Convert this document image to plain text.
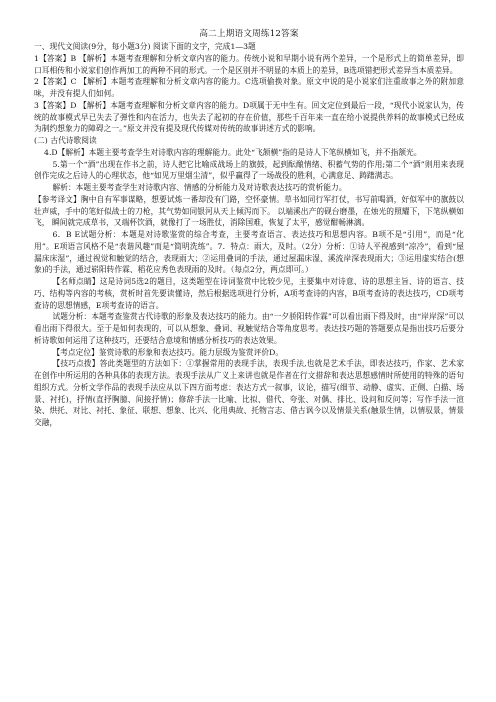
高二上期语文周练12答案

一、现代文阅读(9分，每小题3分) 阅读下面的文字，完成1—3题

1【答案】B 【解析】本题考查理解和分析文章内容的能力。传统小说和早期小说有两个差异，一个是形式上的简单差异，即口耳相传和小说家们创作两加工的两种不同的形式。一个是区别并不明显的本质上的差异，B选项错把形式差异当本质差异。

2【答案】C 【解析】本题考查理解和分析文章内容的能力。C选项偷换对象。原文中说的是小说家们注重故事之外的附加意味，并没有提人们如何。

3【答案】D 【解析】本题考查理解和分析文章内容的能力。D项属于无中生有。回文定位到最后一段，“现代小说家认为，传统的故事模式早已失去了弹性和内在活力，也失去了起初的存在价值，那些千百年来一直在给小说提供养料的故事模式已经成为制约想象力的障碍之一。”原文并没有提及现代传媒对传统的故事讲述方式的影响。

(二) 古代诗歌阅读

4.D【解析】本题主要考查学生对诗歌内容的理解能力。此处“飞颔横”指的是诗人下笔纵横如飞，并不指颔光。

5.第一个“酒”出现在作书之前，诗人把它比喻成战场上的旗鼓，起到酝酿情绪、积蓄气势的作用;第二个“酒”则用来表现创作完成之后诗人的心理状态，他“如见万里烟尘清”，似乎赢得了一场战役的胜利，心满意足、踌躇满志。

解析：本题主要考查学生对诗歌内容、情感的分析能力及对诗歌表达技巧的赏析能力。

【参考译文】胸中自有军事谋略，想要试炼一番却没有门路，空怀豪情。草书如同行军打仗，书写前喝酒，好似军中的旗鼓以壮声威，手中的笔好似战士的刀枪，其气势如同银河从天上倾泻而下。 以端溪出产的砚台磨墨，在烛光的照耀下，下笔纵横如飞， 瞬间就完成草书，又端杯饮酒，就像打了一场胜仗，消除国难，恢复了太平，感觉酣畅淋漓。

6．B E试题分析：本题是对诗歌鉴赏的综合考查，主要考查语言、表达技巧和思想内容。B项不是“引用”，而是“化用”。E项语言风格不是“表谐风趣”而是“简明洗练”。7．特点：雨大，及时。（2分）分析：①诗人平视感到“凉冷”，看到“屋漏床床湿”，通过视觉和触觉的结合，表现雨大；②运用叠词的手法，通过屋漏床湿、溪流岸深表现雨大；③运用虚实结合(想象)的手法，通过崭阳转作霖、稻花应秀色表现雨的及时。（每点2分，两点即可。）

【名师点睛】这是诗词5选2的题目，这类题型在诗词鉴赏中比较少见，主要集中对诗意、诗的思想主旨、诗的语言、技巧、结构等内容的考核，赏析时首先要读懂诗，然后根据选项进行分析，A项考查诗的内容，B项考查诗的表达技巧，CD项考查诗的思想情感，E项考查诗的语言。

试题分析：本题考查鉴赏古代诗歌的形象及表达技巧的能力。由“一夕骄阳转作霖”可以看出雨下得及时，由“岸岸深”可以看出雨下得很大。至于是如何表现的，可以从想象、叠词、视触觉结合等角度思考。表达技巧题的答题要点是指出技巧后要分析诗歌如何运用了这种技巧，还要结合意境和情感分析技巧的表达效果。

【考点定位】鉴赏诗歌的形象和表达技巧。能力层级为鉴赏评价D。

【技巧点拨】答此类题型的方法如下：①掌握常用的表现手法，表现手法,也就是艺术手法，即表达技巧，作家、艺术家在创作中所运用的各种具体的表现方法。表现手法从广义上来讲也就是作者在行文措辞和表达思想感情时所使用的特殊的语句组织方式。分析文学作品的表现手法应从以下四方面考虑：表达方式一叙事，议论，描写(细节、动静、虚实、正侧、白描、场景、衬托)，抒情(直抒胸臆、间接抒情)；修辞手法一比喻、比拟、借代、夸张、对偶、排比、设问和反问等；写作手法一渲染、烘托、对比、衬托、象征、联想、想象、比兴、化用典故、托物言志、借古讽今以及情景关系(触景生情，以情驭景，情景交融，
